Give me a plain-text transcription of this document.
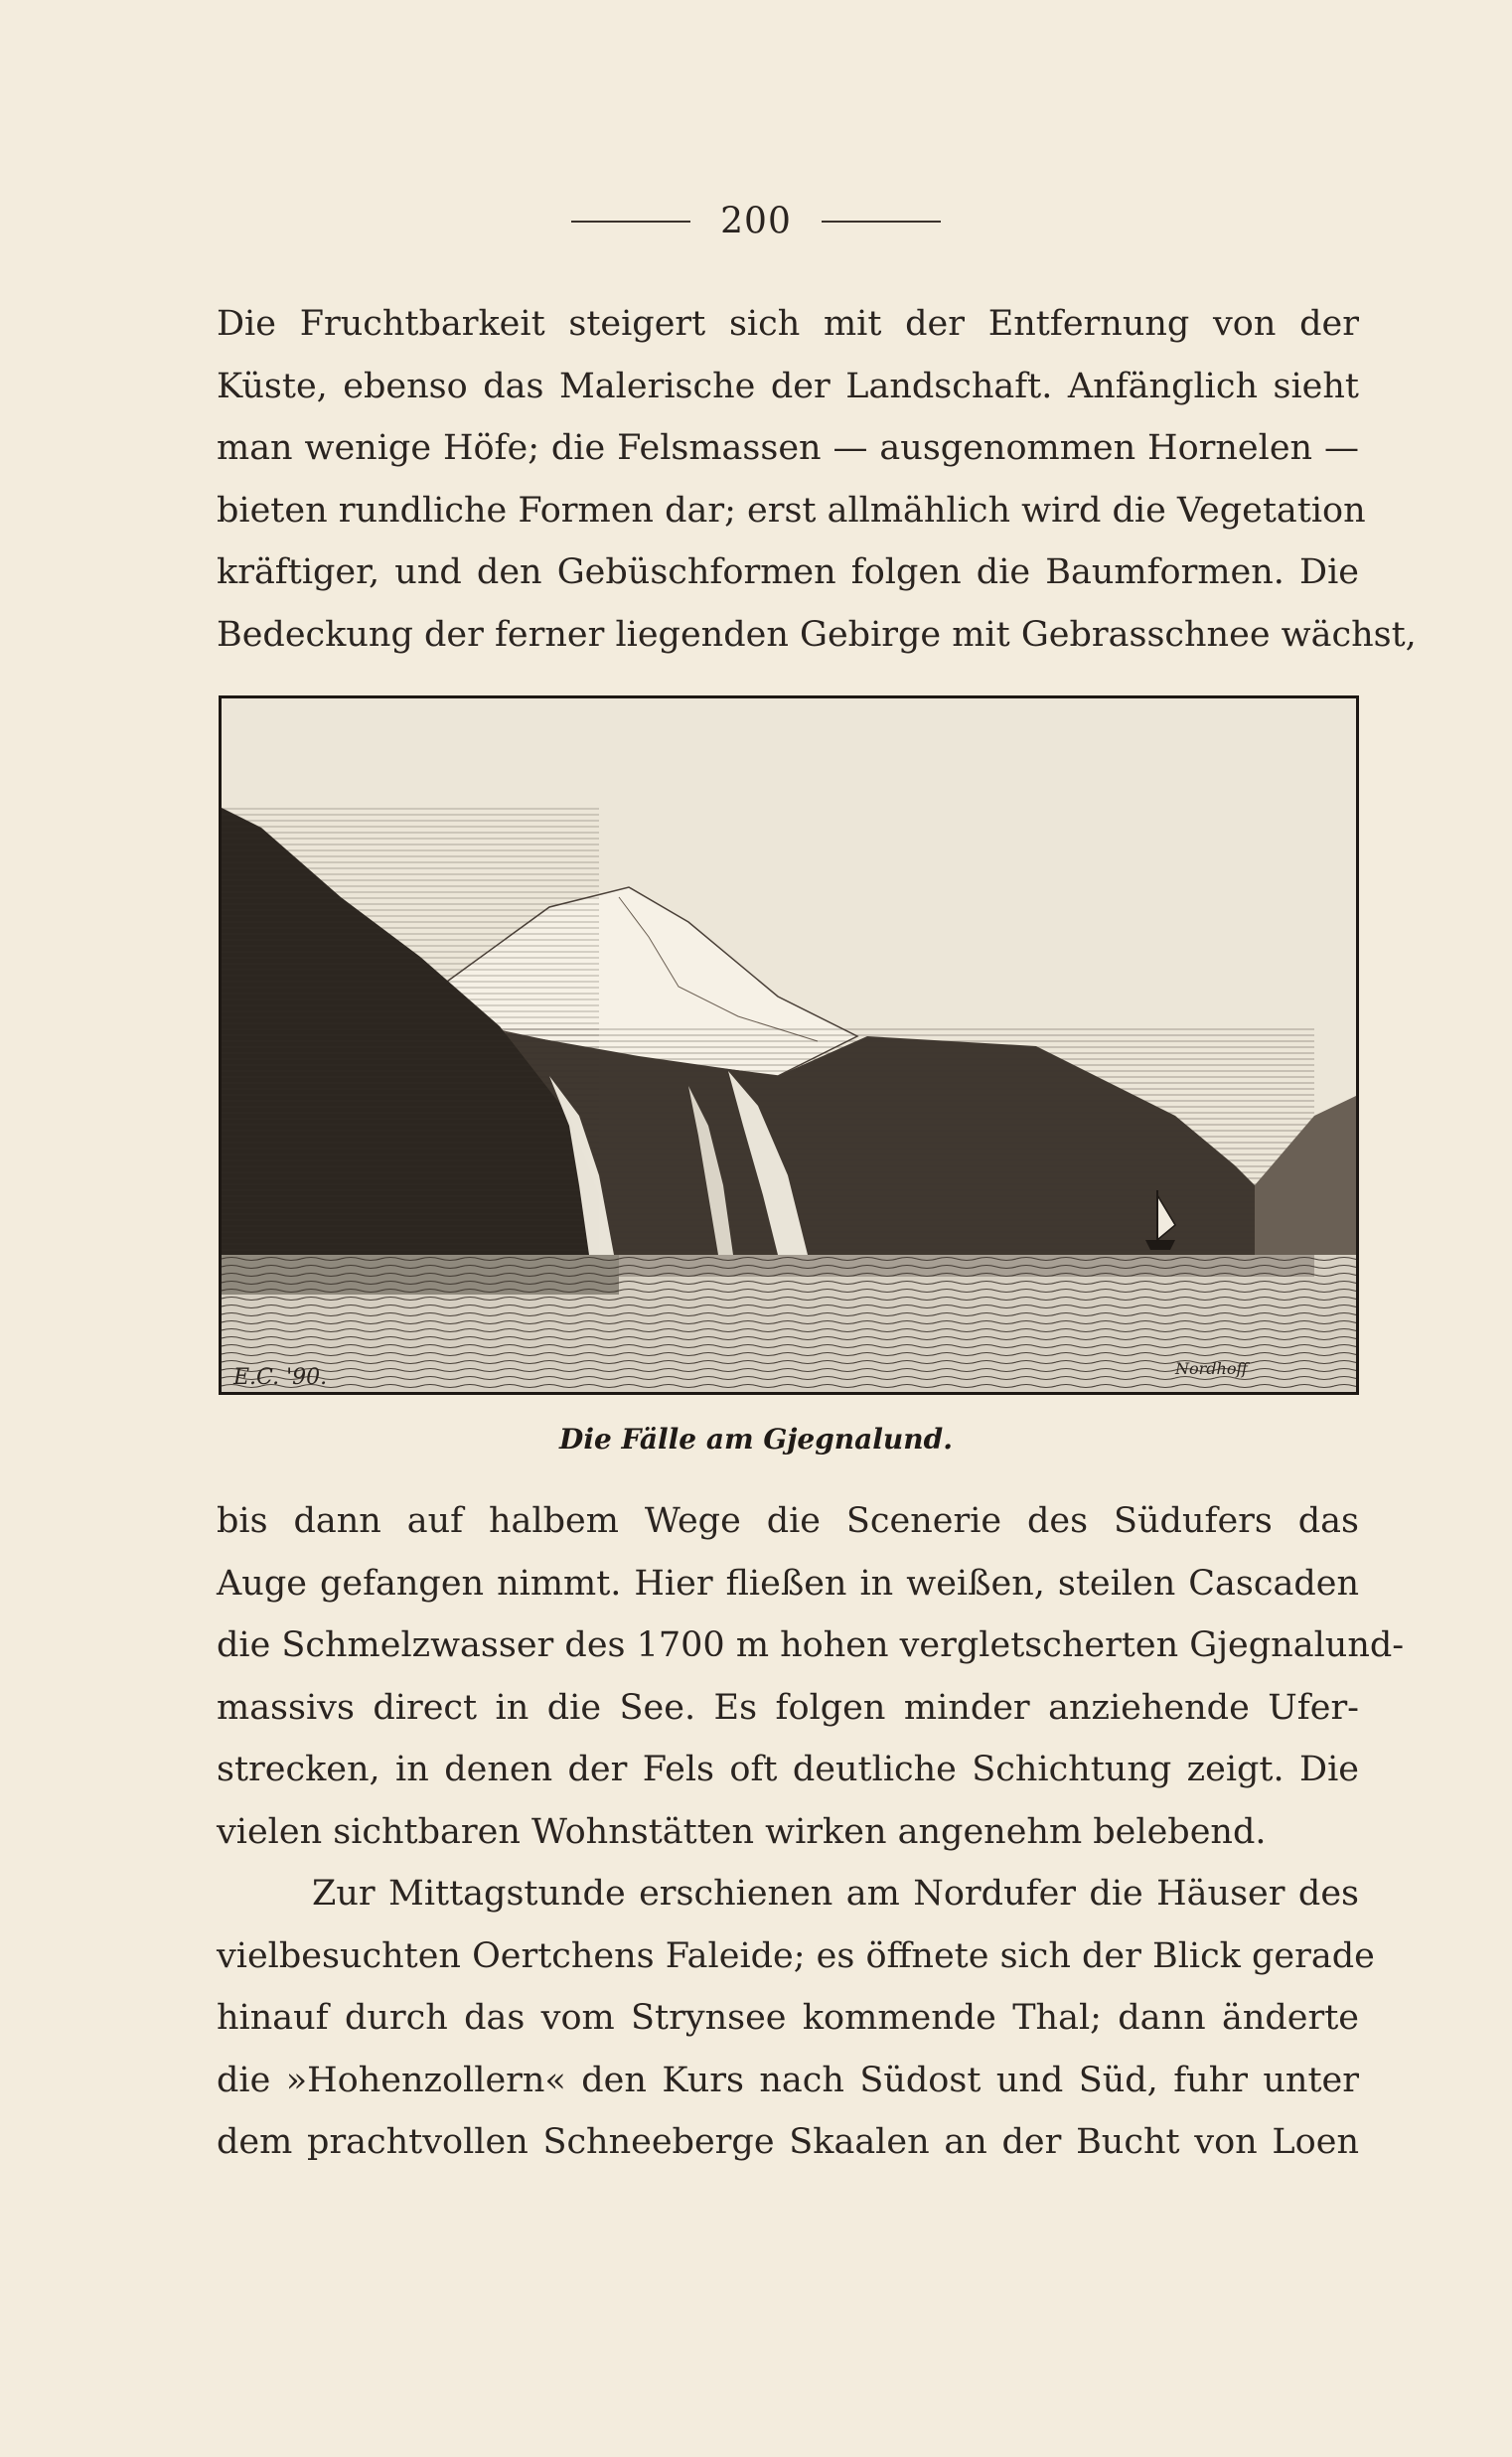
200
Die Fruchtbarkeit steigert sich mit der Entfernung von der
Küste, ebenso das Malerische der Landschaft. Anfänglich sieht
man wenige Höfe; die Felsmassen — ausgenommen Hornelen —
bieten rundliche Formen dar; erst allmählich wird die Vegetation
kräftiger, und den Gebüschformen folgen die Baumformen. Die
Bedeckung der ferner liegenden Gebirge mit Gebrasschnee wächst,
E.C. '90.	Nordhoff
Die Fälle am Gjegnalund.
bis dann auf halbem Wege die Scenerie des Südufers das
Auge gefangen nimmt. Hier fließen in weißen, steilen Cascaden
die Schmelzwasser des 1700 m hohen vergletscherten Gjegnalund-
massivs direct in die See. Es folgen minder anziehende Ufer-
strecken, in denen der Fels oft deutliche Schichtung zeigt. Die
vielen sichtbaren Wohnstätten wirken angenehm belebend.
Zur Mittagstunde erschienen am Nordufer die Häuser des
vielbesuchten Oertchens Faleide; es öffnete sich der Blick gerade
hinauf durch das vom Strynsee kommende Thal; dann änderte
die »Hohenzollern« den Kurs nach Südost und Süd, fuhr unter
dem prachtvollen Schneeberge Skaalen an der Bucht von Loen
